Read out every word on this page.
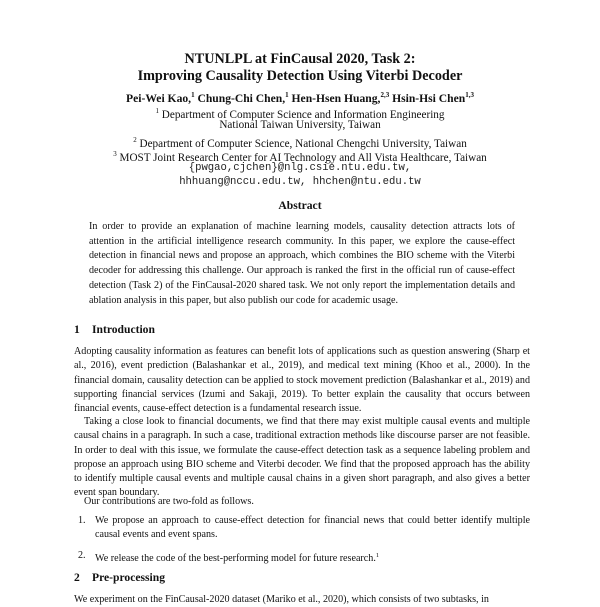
NTUNLPL at FinCausal 2020, Task 2:
Improving Causality Detection Using Viterbi Decoder
Pei-Wei Kao,$^1$ Chung-Chi Chen,$^1$ Hen-Hsen Huang,$^{2,3}$ Hsin-Hsi Chen$^{1,3}$
$^1$ Department of Computer Science and Information Engineering
National Taiwan University, Taiwan
$^2$ Department of Computer Science, National Chengchi University, Taiwan
$^3$ MOST Joint Research Center for AI Technology and All Vista Healthcare, Taiwan
{pwgao,cjchen}@nlg.csie.ntu.edu.tw,
hhhuang@nccu.edu.tw, hhchen@ntu.edu.tw
Abstract
In order to provide an explanation of machine learning models, causality detection attracts lots of attention in the artificial intelligence research community. In this paper, we explore the cause-effect detection in financial news and propose an approach, which combines the BIO scheme with the Viterbi decoder for addressing this challenge. Our approach is ranked the first in the official run of cause-effect detection (Task 2) of the FinCausal-2020 shared task. We not only report the implementation details and ablation analysis in this paper, but also publish our code for academic usage.
1 Introduction
Adopting causality information as features can benefit lots of applications such as question answering (Sharp et al., 2016), event prediction (Balashankar et al., 2019), and medical text mining (Khoo et al., 2000). In the financial domain, causality detection can be applied to stock movement prediction (Balashankar et al., 2019) and supporting financial services (Izumi and Sakaji, 2019). To better explain the causality that occurs between financial events, cause-effect detection is a fundamental research issue.
Taking a close look to financial documents, we find that there may exist multiple causal events and multiple causal chains in a paragraph. In such a case, traditional extraction methods like discourse parser are not feasible. In order to deal with this issue, we formulate the cause-effect detection task as a sequence labeling problem and propose an approach using BIO scheme and Viterbi decoder. We find that the proposed approach has the ability to identify multiple causal events and multiple causal chains in a given short paragraph, and also gives a better event span boundary.
Our contributions are two-fold as follows.
1. We propose an approach to cause-effect detection for financial news that could better identify multiple causal events and event spans.
2. We release the code of the best-performing model for future research.$^1$
2 Pre-processing
We experiment on the FinCausal-2020 dataset (Mariko et al., 2020), which consists of two subtasks, in
